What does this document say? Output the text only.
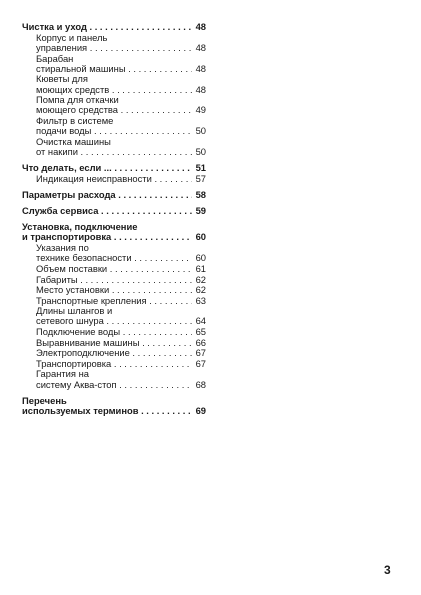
Чистка и уход . . .	48
Корпус и панель
управления . . .	48
Барабан
стиральной машины . . .	48
Кюветы для
моющих средств . . .	48
Помпа для откачки
моющего средства . . .	49
Фильтр в системе
подачи воды . . .	50
Очистка машины
от накипи . . .	50
Что делать, если ... . . .	51
Индикация неисправности . . .	57
Параметры расхода . . .	58
Служба сервиса . . .	59
Установка, подключение
и транспортировка . . .	60
Указания по
технике безопасности . . .	60
Объем поставки . . .	61
Габариты . . .	62
Место установки . . .	62
Транспортные крепления . . .	63
Длины шлангов и
сетевого шнура . . .	64
Подключение воды . . .	65
Выравнивание машины . . .	66
Электроподключение . . .	67
Транспортировка . . .	67
Гарантия на
систему Аква-стоп . . .	68
Перечень
используемых терминов . . .	69
3
